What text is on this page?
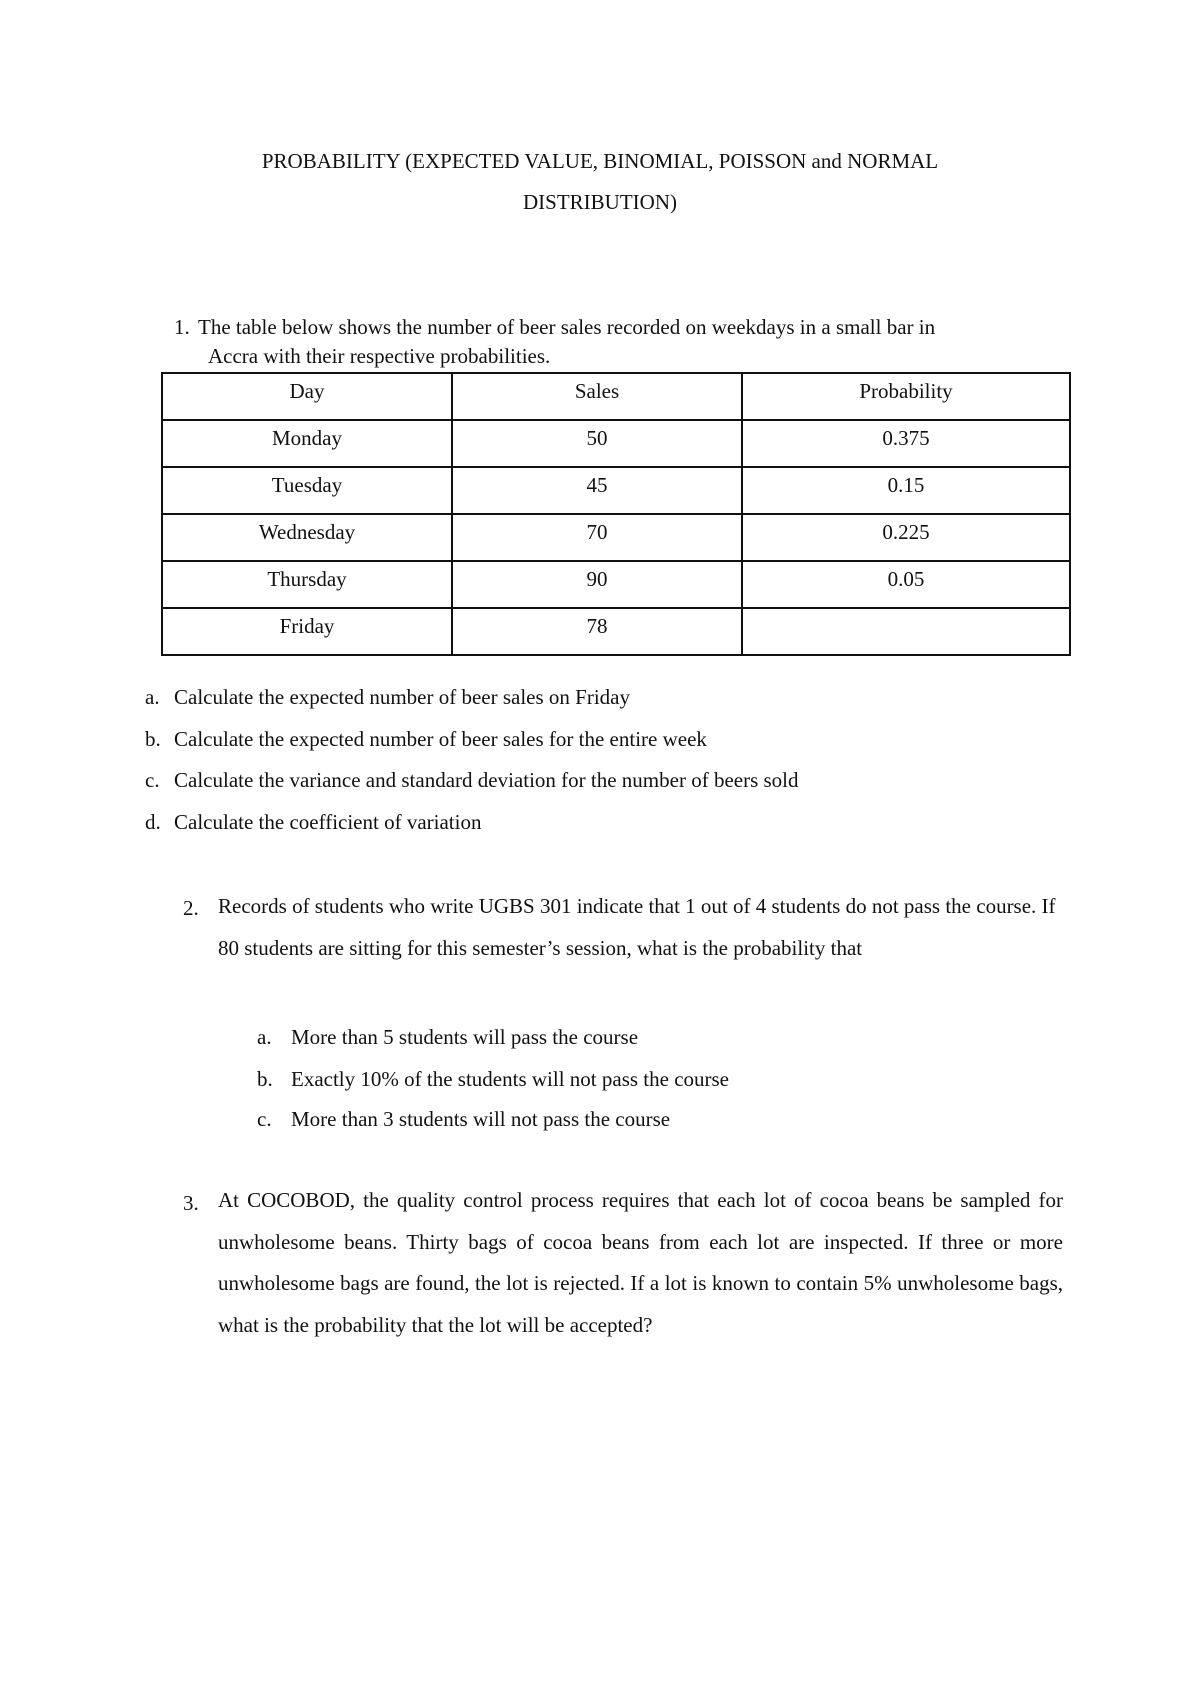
PROBABILITY (EXPECTED VALUE, BINOMIAL, POISSON and NORMAL
DISTRIBUTION)
1. The table below shows the number of beer sales recorded on weekdays in a small bar in
Accra with their respective probabilities.
Day	Sales	Probability
Monday	50	0.375
Tuesday	45	0.15
Wednesday	70	0.225
Thursday	90	0.05
Friday	78	
a. Calculate the expected number of beer sales on Friday
b. Calculate the expected number of beer sales for the entire week
c. Calculate the variance and standard deviation for the number of beers sold
d. Calculate the coefficient of variation
2. Records of students who write UGBS 301 indicate that 1 out of 4 students do not pass the course. If 80 students are sitting for this semester’s session, what is the probability that
a. More than 5 students will pass the course
b. Exactly 10% of the students will not pass the course
c. More than 3 students will not pass the course
3. At COCOBOD, the quality control process requires that each lot of cocoa beans be sampled for unwholesome beans. Thirty bags of cocoa beans from each lot are inspected. If three or more unwholesome bags are found, the lot is rejected. If a lot is known to contain 5% unwholesome bags, what is the probability that the lot will be accepted?
